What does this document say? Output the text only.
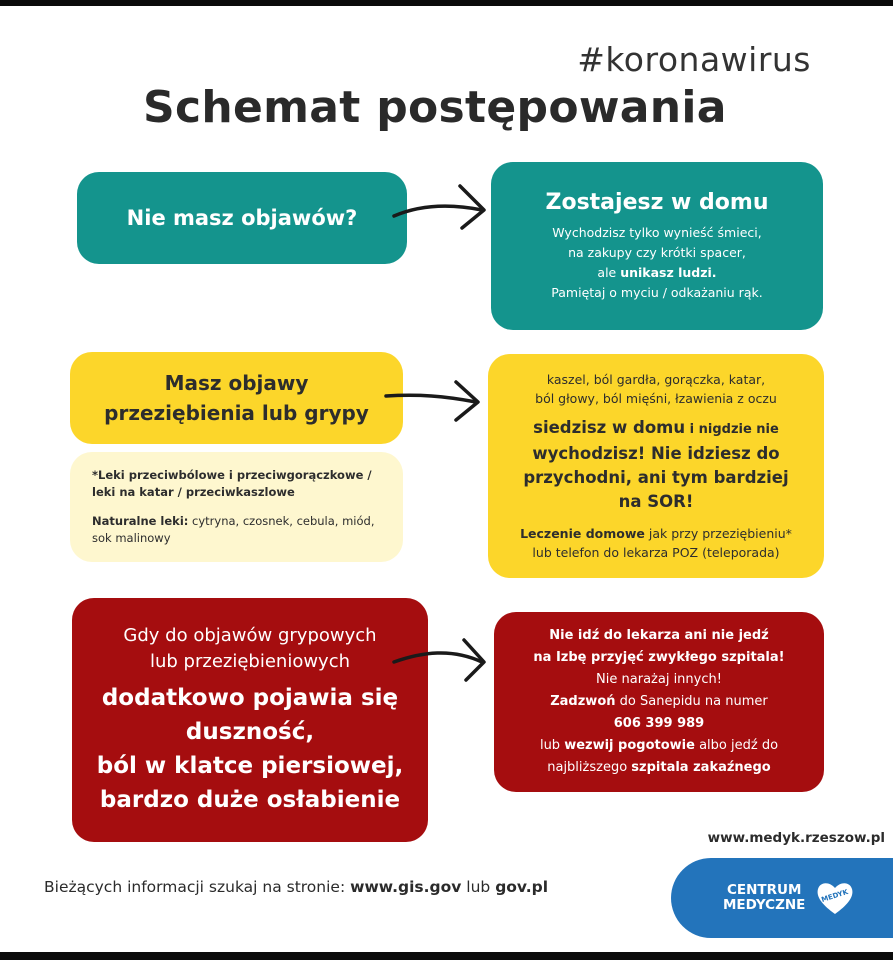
#koronawirus
Schemat postępowania
Nie masz objawów?
Zostajesz w domu
Wychodzisz tylko wynieść śmieci,
na zakupy czy krótki spacer,
ale unikasz ludzi.
Pamiętaj o myciu / odkażaniu rąk.
Masz objawy
przeziębienia lub grypy
*Leki przeciwbólowe i przeciwgorączkowe / leki na katar / przeciwkaszlowe
Naturalne leki: cytryna, czosnek, cebula, miód, sok malinowy
kaszel, ból gardła, gorączka, katar,
ból głowy, ból mięśni, łzawienia z oczu
siedzisz w domu i nigdzie nie
wychodzisz! Nie idziesz do
przychodni, ani tym bardziej
na SOR!
Leczenie domowe jak przy przeziębieniu*
lub telefon do lekarza POZ (teleporada)
Gdy do objawów grypowych
lub przeziębieniowych
dodatkowo pojawia się
duszność,
ból w klatce piersiowej,
bardzo duże osłabienie
Nie idź do lekarza ani nie jedź
na Izbę przyjęć zwykłego szpitala!
Nie narażaj innych!
Zadzwoń do Sanepidu na numer
606 399 989
lub wezwij pogotowie albo jedź do
najbliższego szpitala zakaźnego
www.medyk.rzeszow.pl
Bieżących informacji szukaj na stronie: www.gis.gov lub gov.pl	CENTRUM
MEDYCZNE
MEDYK
